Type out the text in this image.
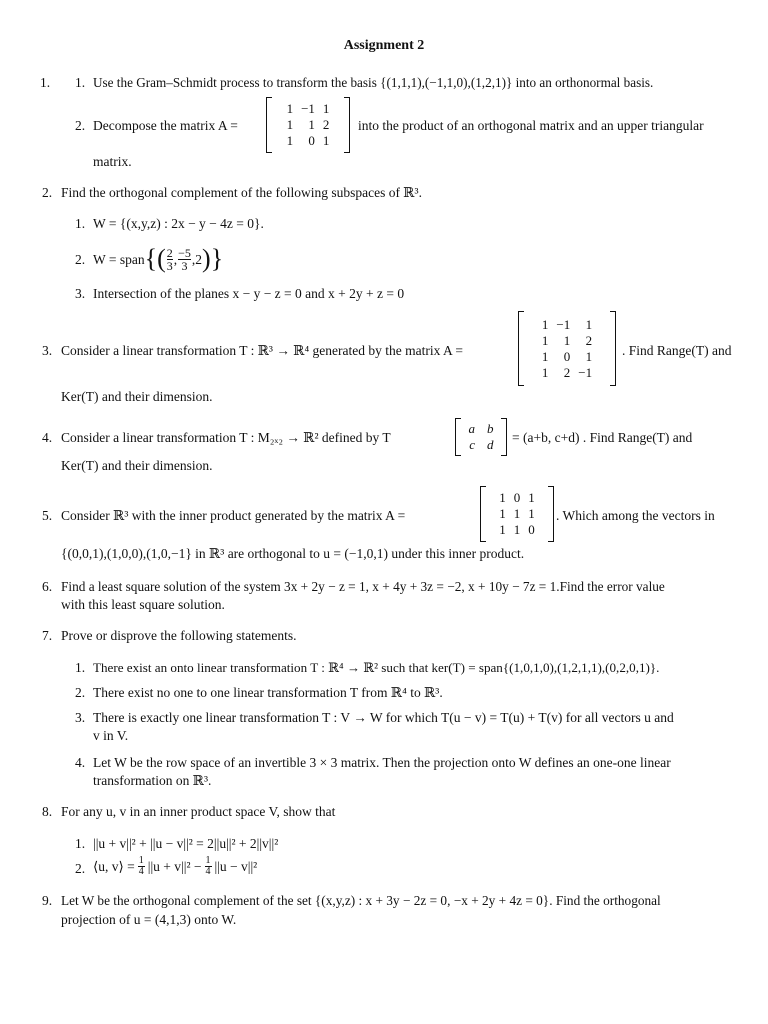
Assignment 2
1. 1. Use the Gram–Schmidt process to transform the basis {(1,1,1),(−1,1,0),(1,2,1)} into an orthonormal basis.
2. Decompose the matrix A =
1	−1	1
1	1	2
1	0	1
into the product of an orthogonal matrix and an upper triangular
matrix.
2. Find the orthogonal complement of the following subspaces of ℝ³.
1. W = {(x,y,z) : 2x − y − 4z = 0}.
2. W = span { ( $\frac{2}{3}$ , $\frac{-5}{3}$ , 2 ) }
3. Intersection of the planes x − y − z = 0 and x + 2y + z = 0
3. Consider a linear transformation T : ℝ³ → ℝ⁴ generated by the matrix A =
1	−1	1
1	1	2
1	0	1
1	2	−1
. Find Range(T) and
Ker(T) and their dimension.
4. Consider a linear transformation T : M₂ₓ₂ → ℝ² defined by T
a	b
c	d = (a+b, c+d) . Find Range(T) and
Ker(T) and their dimension.
5. Consider ℝ³ with the inner product generated by the matrix A =
1	0	1
1	1	1
1	1	0
. Which among the vectors in
{(0,0,1),(1,0,0),(1,0,−1} in ℝ³ are orthogonal to u = (−1,0,1) under this inner product.
6. Find a least square solution of the system 3x + 2y − z = 1, x + 4y + 3z = −2, x + 10y − 7z = 1.Find the error value
with this least square solution.
7. Prove or disprove the following statements.
1. There exist an onto linear transformation T : ℝ⁴ → ℝ² such that ker(T) = span{(1,0,1,0),(1,2,1,1),(0,2,0,1)}.
2. There exist no one to one linear transformation T from ℝ⁴ to ℝ³.
3. There is exactly one linear transformation T : V → W for which T(u − v) = T(u) + T(v) for all vectors u and
v in V.
4. Let W be the row space of an invertible 3 × 3 matrix. Then the projection onto W defines an one-one linear
transformation on ℝ³.
8. For any u, v in an inner product space V, show that
1. ||u + v||² + ||u − v||² = 2||u||² + 2||v||²
2. ⟨u, v⟩ = $\frac{1}{4} ||u + v||^2 - \frac{1}{4} ||u - v||^2$
9. Let W be the orthogonal complement of the set {(x,y,z) : x + 3y − 2z = 0, −x + 2y + 4z = 0}. Find the orthogonal
projection of u = (4,1,3) onto W.
